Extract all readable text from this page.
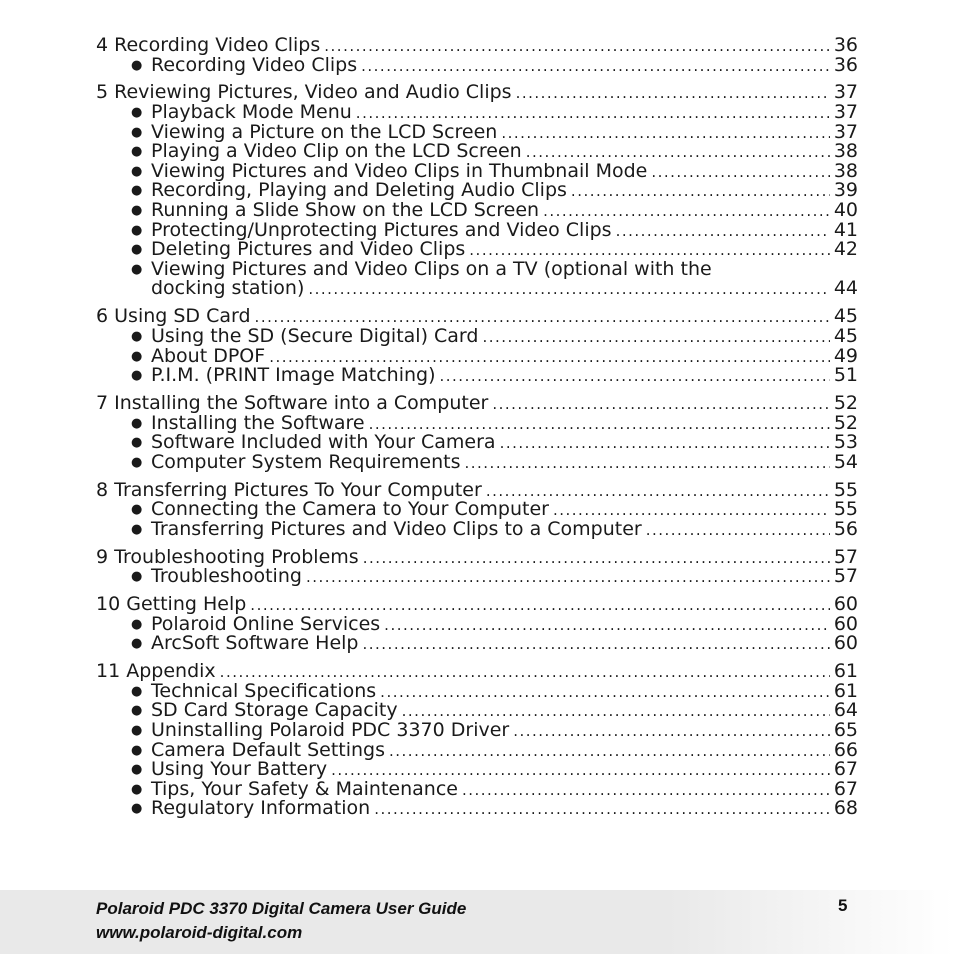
4 Recording Video Clips .....	36
● Recording Video Clips .....	36
5 Reviewing Pictures, Video and Audio Clips .....	37
● Playback Mode Menu .....	37
● Viewing a Picture on the LCD Screen .....	37
● Playing a Video Clip on the LCD Screen .....	38
● Viewing Pictures and Video Clips in Thumbnail Mode .....	38
● Recording, Playing and Deleting Audio Clips .....	39
● Running a Slide Show on the LCD Screen .....	40
● Protecting/Unprotecting Pictures and Video Clips .....	41
● Deleting Pictures and Video Clips .....	42
● Viewing Pictures and Video Clips on a TV (optional with the
docking station) .....	44
6 Using SD Card .....	45
● Using the SD (Secure Digital) Card .....	45
● About DPOF .....	49
● P.I.M. (PRINT Image Matching) .....	51
7 Installing the Software into a Computer .....	52
● Installing the Software .....	52
● Software Included with Your Camera .....	53
● Computer System Requirements .....	54
8 Transferring Pictures To Your Computer .....	55
● Connecting the Camera to Your Computer .....	55
● Transferring Pictures and Video Clips to a Computer .....	56
9 Troubleshooting Problems .....	57
● Troubleshooting .....	57
10 Getting Help .....	60
● Polaroid Online Services .....	60
● ArcSoft Software Help .....	60
11 Appendix .....	61
● Technical Specifications .....	61
● SD Card Storage Capacity .....	64
● Uninstalling Polaroid PDC 3370 Driver .....	65
● Camera Default Settings .....	66
● Using Your Battery .....	67
● Tips, Your Safety & Maintenance .....	67
● Regulatory Information .....	68
Polaroid PDC 3370 Digital Camera User Guide
www.polaroid-digital.com
5
